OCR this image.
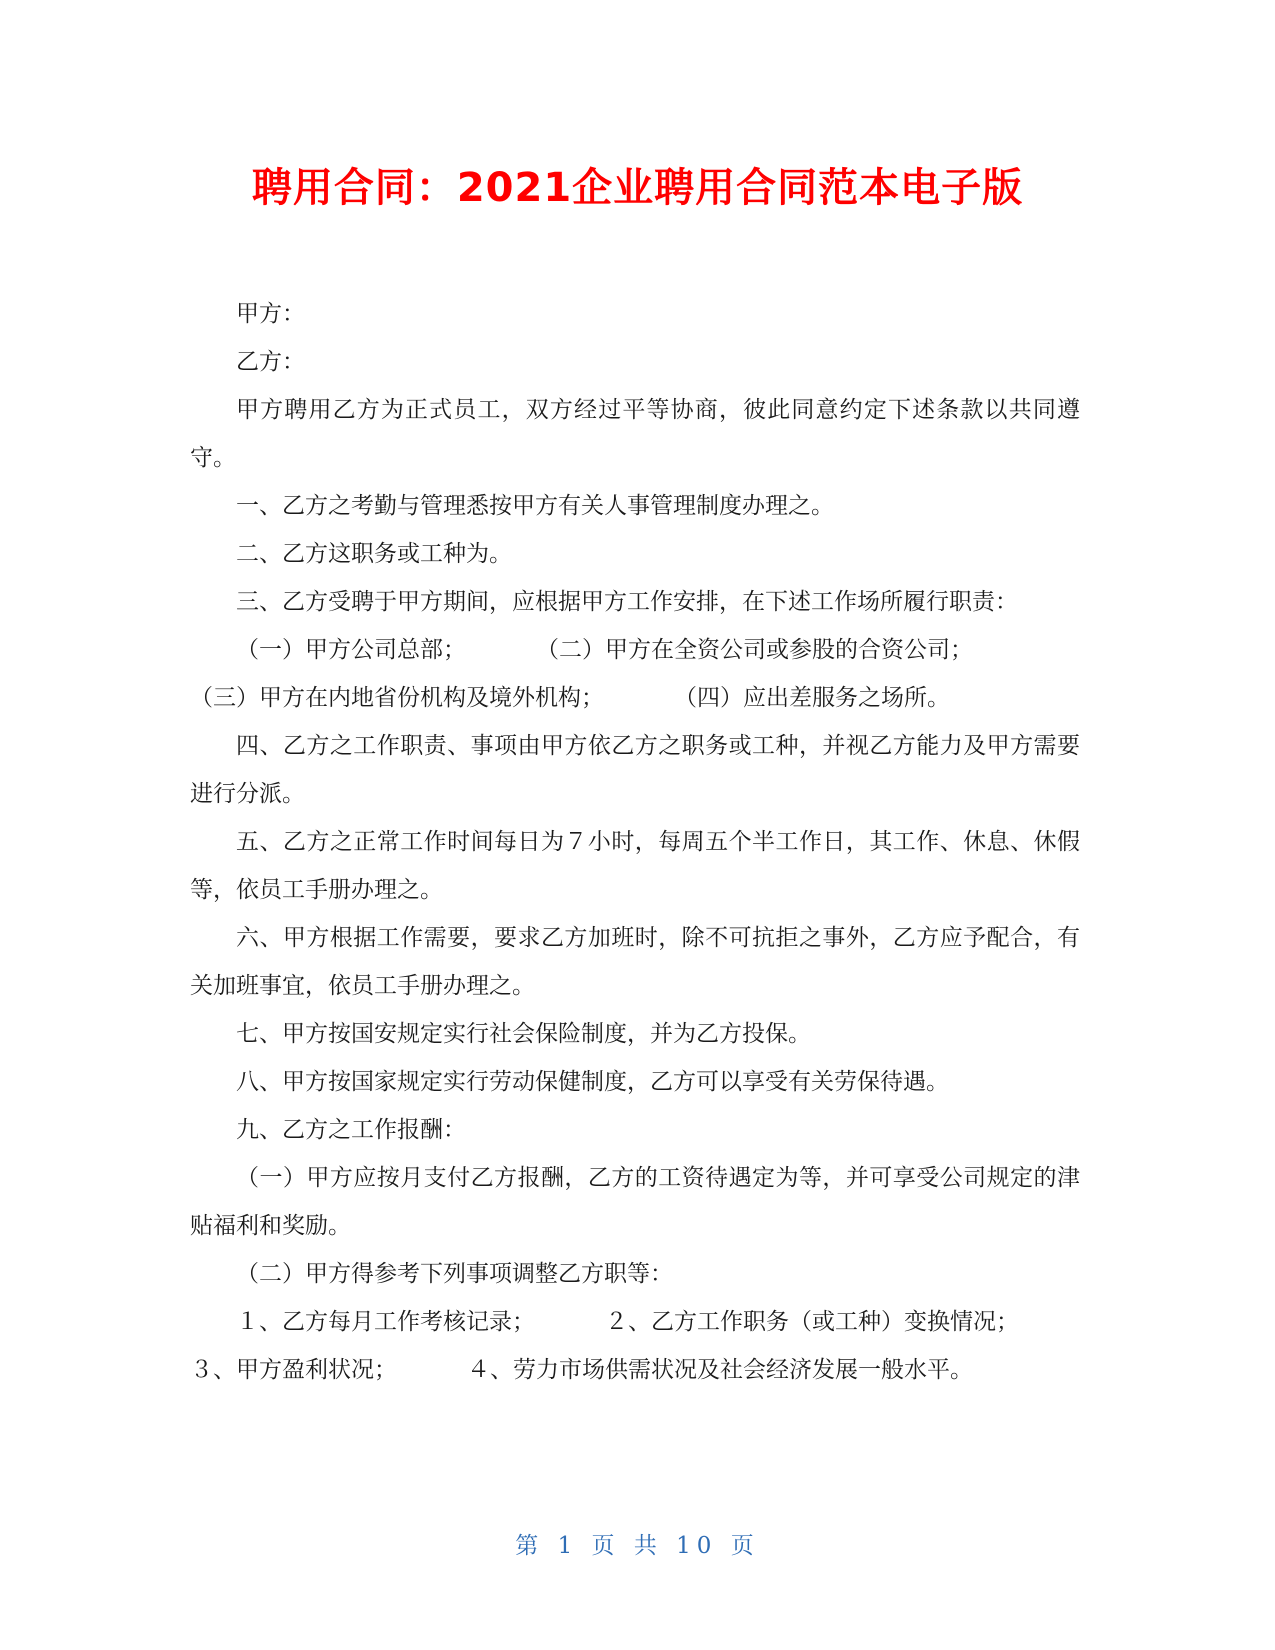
聘用合同：2021企业聘用合同范本电子版

甲方：

乙方：

甲方聘用乙方为正式员工，双方经过平等协商，彼此同意约定下述条款以共同遵守。

一、乙方之考勤与管理悉按甲方有关人事管理制度办理之。

二、乙方这职务或工种为。

三、乙方受聘于甲方期间，应根据甲方工作安排，在下述工作场所履行职责：

（一）甲方公司总部；	（二）甲方在全资公司或参股的合资公司；
（三）甲方在内地省份机构及境外机构；	（四）应出差服务之场所。

四、乙方之工作职责、事项由甲方依乙方之职务或工种，并视乙方能力及甲方需要进行分派。

五、乙方之正常工作时间每日为７小时，每周五个半工作日，其工作、休息、休假等，依员工手册办理之。

六、甲方根据工作需要，要求乙方加班时，除不可抗拒之事外，乙方应予配合，有关加班事宜，依员工手册办理之。

七、甲方按国安规定实行社会保险制度，并为乙方投保。

八、甲方按国家规定实行劳动保健制度，乙方可以享受有关劳保待遇。

九、乙方之工作报酬：

（一）甲方应按月支付乙方报酬，乙方的工资待遇定为等，并可享受公司规定的津贴福利和奖励。

（二）甲方得参考下列事项调整乙方职等：

１、乙方每月工作考核记录；	２、乙方工作职务（或工种）变换情况；
３、甲方盈利状况；	４、劳力市场供需状况及社会经济发展一般水平。
第 1 页 共 10 页
